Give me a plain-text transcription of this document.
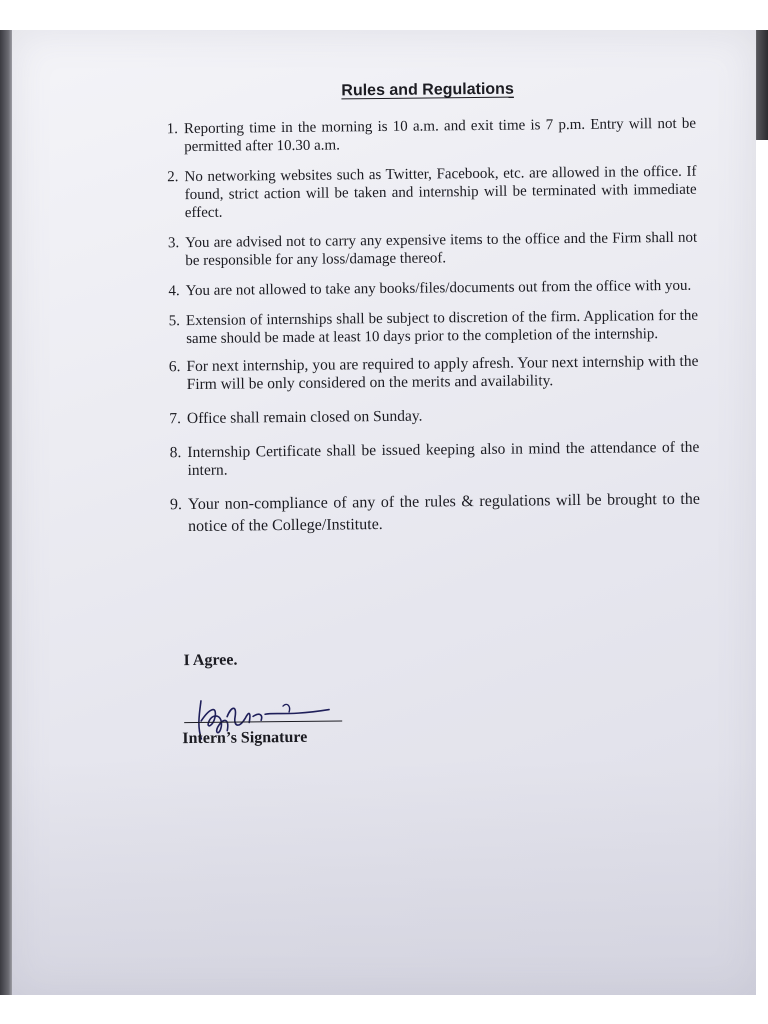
Rules and Regulations
1. Reporting time in the morning is 10 a.m. and exit time is 7 p.m. Entry will not be permitted after 10.30 a.m.
2. No networking websites such as Twitter, Facebook, etc. are allowed in the office. If found, strict action will be taken and internship will be terminated with immediate effect.
3. You are advised not to carry any expensive items to the office and the Firm shall not be responsible for any loss/damage thereof.
4. You are not allowed to take any books/files/documents out from the office with you.
5. Extension of internships shall be subject to discretion of the firm. Application for the same should be made at least 10 days prior to the completion of the internship.
6. For next internship, you are required to apply afresh. Your next internship with the Firm will be only considered on the merits and availability.
7. Office shall remain closed on Sunday.
8. Internship Certificate shall be issued keeping also in mind the attendance of the intern.
9. Your non-compliance of any of the rules & regulations will be brought to the notice of the College/Institute.
I Agree.
Intern’s Signature
